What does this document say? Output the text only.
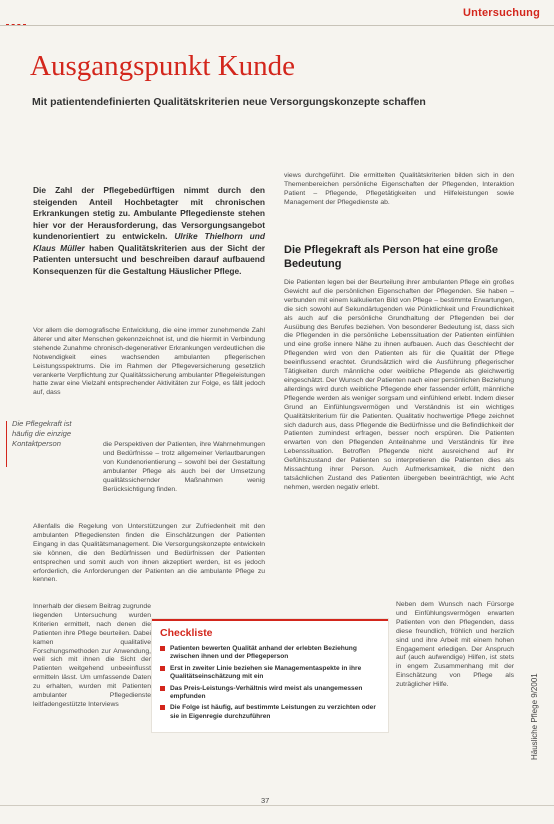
Untersuchung
Ausgangspunkt Kunde
Mit patientendefinierten Qualitätskriterien neue Versorgungskonzepte schaffen
Die Zahl der Pflegebedürftigen nimmt durch den steigenden Anteil Hochbetagter mit chronischen Erkrankungen stetig zu. Ambulante Pflegedienste stehen hier vor der Herausforderung, das Versorgungsangebot kundenorientiert zu entwickeln. Ulrike Thielhorn und Klaus Müller haben Qualitätskriterien aus der Sicht der Patienten untersucht und beschreiben darauf aufbauend Konsequenzen für die Gestaltung Häuslicher Pflege.

Vor allem die demografische Entwicklung, die eine immer zunehmende Zahl älterer und alter Menschen gekennzeichnet ist, und die hiermit in Verbindung stehende Zunahme chronisch-degenerativer Erkrankungen verdeutlichen die Notwendigkeit eines wachsenden ambulanten pflegerischen Leistungsspektrums. Die im Rahmen der Pflegeversicherung gesetzlich verankerte Verpflichtung zur Qualitätssicherung ambulanter Pflegeleistungen hatte zwar eine Vielzahl entsprechender Aktivitäten zur Folge, es fällt jedoch auf, dass

Die Pflegekraft ist häufig die einzige Kontaktperson	die Perspektiven der Patienten, ihre Wahrnehmungen und Bedürfnisse – trotz allgemeiner Verlautbarungen von Kundenorientierung – sowohl bei der Gestaltung ambulanter Pflege als auch bei der Umsetzung qualitätssichernder Maßnahmen wenig Berücksichtigung finden.

Allenfalls die Regelung von Unterstützungen zur Zufriedenheit mit den ambulanten Pflegediensten finden die Einschätzungen der Patienten Eingang in das Qualitätsmanagement. Die Versorgungskonzepte entwickeln sie können, die den Bedürfnissen und Bedürfnissen der Patienten entsprechen und somit auch von ihnen akzeptiert werden, ist es jedoch erforderlich, die Anforderungen der Patienten an die ambulante Pflege zu kennen.

Innerhalb der diesem Beitrag zugrunde liegenden Untersuchung wurden Kriterien ermittelt, nach denen die Patienten ihre Pflege beurteilen. Dabei kamen qualitative Forschungsmethoden zur Anwendung, weil sich mit ihnen die Sicht der Patienten weitgehend unbeeinflusst ermitteln lässt. Um umfassende Daten zu erhalten, wurden mit Patienten ambulanter Pflegedienste leitfadengestützte Interviews

views durchgeführt. Die ermittelten Qualitätskriterien bilden sich in den Themenbereichen persönliche Eigenschaften der Pflegenden, Interaktion Patient – Pflegende, Pflegetätigkeiten und Hilfeleistungen sowie Management der Pflegedienste ab.

Die Pflegekraft als Person hat eine große Bedeutung

Die Patienten legen bei der Beurteilung ihrer ambulanten Pflege ein großes Gewicht auf die persönlichen Eigenschaften der Pflegenden. Sie haben – verbunden mit einem kalkulierten Bild von Pflege – bestimmte Erwartungen, die sich sowohl auf Sekundärtugenden wie Pünktlichkeit und Freundlichkeit als auch auf die persönliche Grundhaltung der Pflegenden bei der Ausübung des Berufes beziehen. Von besonderer Bedeutung ist, dass sich die Pflegenden in die persönliche Lebenssituation der Patienten einfühlen und eine große innere Nähe zu ihnen aufbauen. Auch das Geschlecht der Pflegenden wird von den Patienten als für die Qualität der Pflege beeinflussend erachtet. Grundsätzlich wird die Ausführung pflegerischer Tätigkeiten durch männliche oder weibliche Pflegende als gleichwertig eingeschätzt. Der Wunsch der Patienten nach einer persönlichen Beziehung allerdings wird durch weibliche Pflegende eher fassender erfüllt, männliche Pflegende werden als weniger sorgsam und einfühlend erlebt. Indem dieser Grund an Einfühlungsvermögen und Verständnis ist ein wichtiges Qualitätskriterium für die Patienten. Qualitativ hochwertige Pflege zeichnet sich dadurch aus, dass Pflegende die Bedürfnisse und die Befindlichkeit der Patienten zumindest erfragen, besser noch erspüren. Die Patienten erwarten von den Pflegenden Anteilnahme und Verständnis für ihre Lebenssituation. Betroffen Pflegende nicht ausreichend auf ihr Gefühlszustand der Patienten so interpretieren die Patienten dies als Missachtung ihrer Person. Auch Aufmerksamkeit, die nicht den tatsächlichen Zustand des Patienten übergeben beeinträchtigt, wie Acht nehmen, werden negativ erlebt.

Neben dem Wunsch nach Fürsorge und Einfühlungsvermögen erwarten Patienten von den Pflegenden, dass diese freundlich, fröhlich und herzlich sind und ihre Arbeit mit einem hohen Engagement erledigen. Der Anspruch auf (auch aufwendige) Hilfen, ist stets in engem Zusammenhang mit der Einschätzung von Pflege als zuträglicher Hilfe.

Checkliste
Patienten bewerten Qualität anhand der erlebten Beziehung zwischen ihnen und der Pflegeperson
Erst in zweiter Linie beziehen sie Managementaspekte in ihre Qualitätseinschätzung mit ein
Das Preis-Leistungs-Verhältnis wird meist als unangemessen empfunden
Die Folge ist häufig, auf bestimmte Leistungen zu verzichten oder sie in Eigenregie durchzuführen	Häusliche Pflege 9/2001
37
